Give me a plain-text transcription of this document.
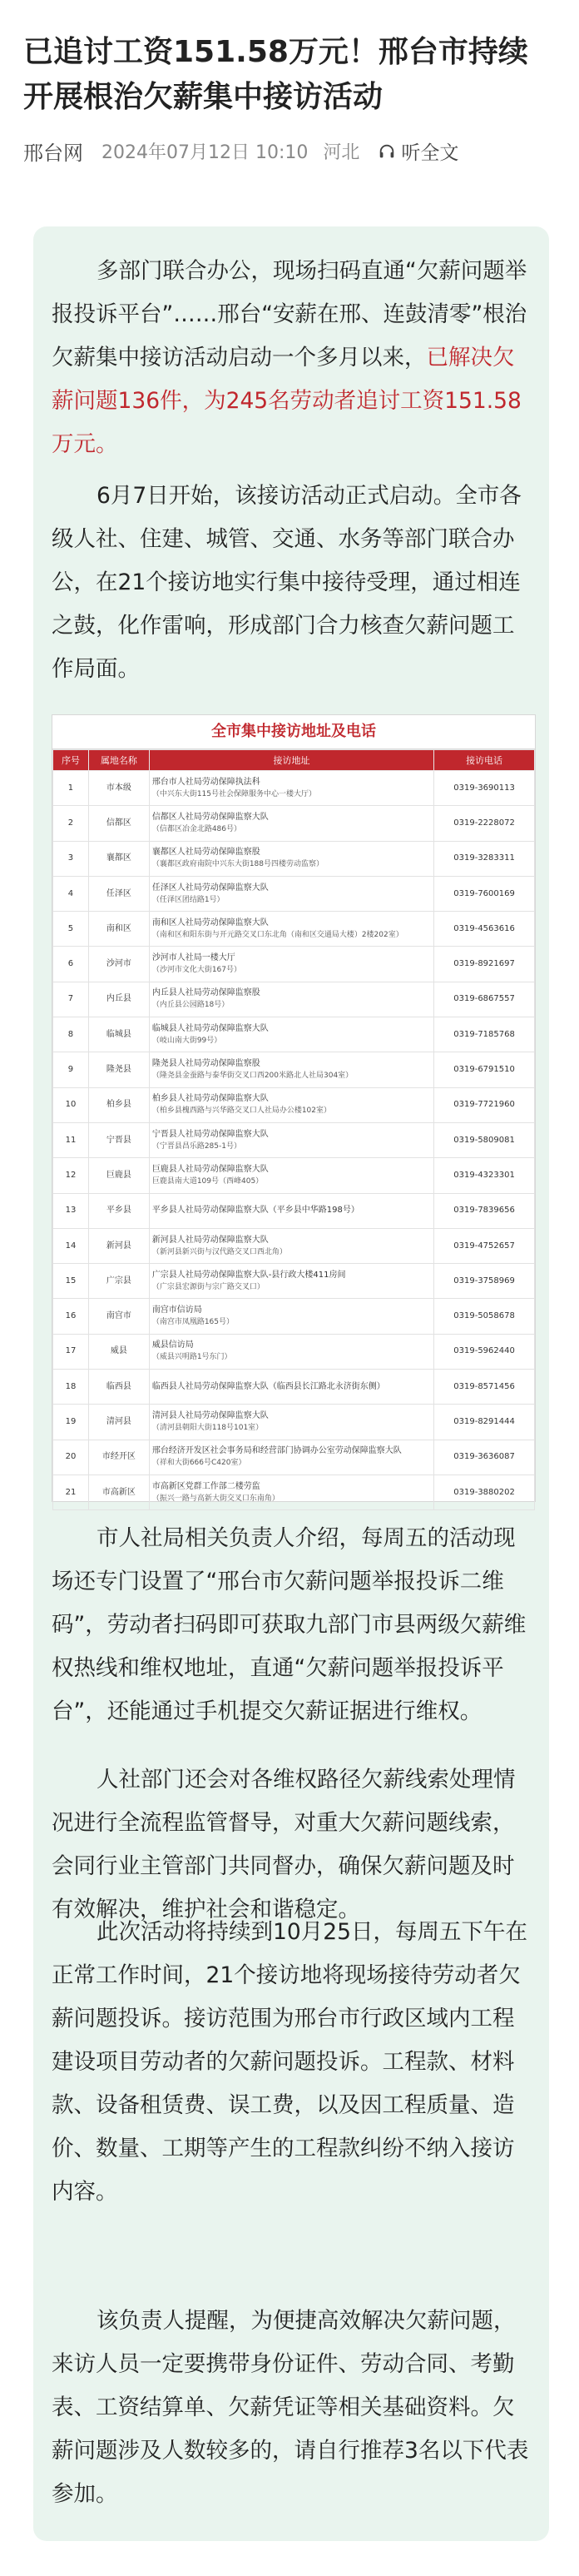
已追讨工资151.58万元！邢台市持续开展根治欠薪集中接访活动
邢台网 2024年07月12日 10:10 河北 听全文

多部门联合办公，现场扫码直通“欠薪问题举报投诉平台”……邢台“安薪在邢、连鼓清零”根治欠薪集中接访活动启动一个多月以来，已解决欠薪问题136件，为245名劳动者追讨工资151.58万元。

6月7日开始，该接访活动正式启动。全市各级人社、住建、城管、交通、水务等部门联合办公，在21个接访地实行集中接待受理，通过相连之鼓，化作雷响，形成部门合力核查欠薪问题工作局面。

全市集中接访地址及电话
序号	属地名称	接访地址	接访电话
1	市本级	邢台市人社局劳动保障执法科
（中兴东大街115号社会保障服务中心一楼大厅）	0319-3690113
2	信都区	信都区人社局劳动保障监察大队
（信都区冶金北路486号）	0319-2228072
3	襄都区	襄都区人社局劳动保障监察股
（襄都区政府南院中兴东大街188号四楼劳动监察）	0319-3283311
4	任泽区	任泽区人社局劳动保障监察大队
（任泽区团结路1号）	0319-7600169
5	南和区	南和区人社局劳动保障监察大队
（南和区和阳东街与开元路交叉口东北角（南和区交通局大楼）2楼202室）	0319-4563616
6	沙河市	沙河市人社局一楼大厅
（沙河市文化大街167号）	0319-8921697
7	内丘县	内丘县人社局劳动保障监察股
（内丘县公园路18号）	0319-6867557
8	临城县	临城县人社局劳动保障监察大队
（岐山南大街99号）	0319-7185768
9	隆尧县	隆尧县人社局劳动保障监察股
（隆尧县金蚕路与泰华街交叉口西200米路北人社局304室）	0319-6791510
10	柏乡县	柏乡县人社局劳动保障监察大队
（柏乡县槐西路与兴华路交叉口人社局办公楼102室）	0319-7721960
11	宁晋县	宁晋县人社局劳动保障监察大队
（宁晋县昌乐路285-1号）	0319-5809081
12	巨鹿县	巨鹿县人社局劳动保障监察大队
巨鹿县南大道109号（西峰405）	0319-4323301
13	平乡县	平乡县人社局劳动保障监察大队（平乡县中华路198号）	0319-7839656
14	新河县	新河县人社局劳动保障监察大队
（新河县新兴街与汉代路交叉口西北角）	0319-4752657
15	广宗县	广宗县人社局劳动保障监察大队-县行政大楼411房间
（广宗县宏源街与宗广路交叉口）	0319-3758969
16	南宫市	南宫市信访局
（南宫市凤凰路165号）	0319-5058678
17	威县	威县信访局
（威县兴明路1号东门）	0319-5962440
18	临西县	临西县人社局劳动保障监察大队（临西县长江路北永济街东侧）	0319-8571456
19	清河县	清河县人社局劳动保障监察大队
（清河县朝阳大街118号101室）	0319-8291444
20	市经开区	邢台经济开发区社会事务局和经营部门协调办公室劳动保障监察大队
（祥和大街666号C420室）	0319-3636087
21	市高新区	市高新区党群工作部二楼劳监
（振兴一路与高新大街交叉口东南角）	0319-3880202

市人社局相关负责人介绍，每周五的活动现场还专门设置了“邢台市欠薪问题举报投诉二维码”，劳动者扫码即可获取九部门市县两级欠薪维权热线和维权地址，直通“欠薪问题举报投诉平台”，还能通过手机提交欠薪证据进行维权。

人社部门还会对各维权路径欠薪线索处理情况进行全流程监管督导，对重大欠薪问题线索，会同行业主管部门共同督办，确保欠薪问题及时有效解决，维护社会和谐稳定。

此次活动将持续到10月25日，每周五下午在正常工作时间，21个接访地将现场接待劳动者欠薪问题投诉。接访范围为邢台市行政区域内工程建设项目劳动者的欠薪问题投诉。工程款、材料款、设备租赁费、误工费，以及因工程质量、造价、数量、工期等产生的工程款纠纷不纳入接访内容。

该负责人提醒，为便捷高效解决欠薪问题，来访人员一定要携带身份证件、劳动合同、考勤表、工资结算单、欠薪凭证等相关基础资料。欠薪问题涉及人数较多的，请自行推荐3名以下代表参加。
